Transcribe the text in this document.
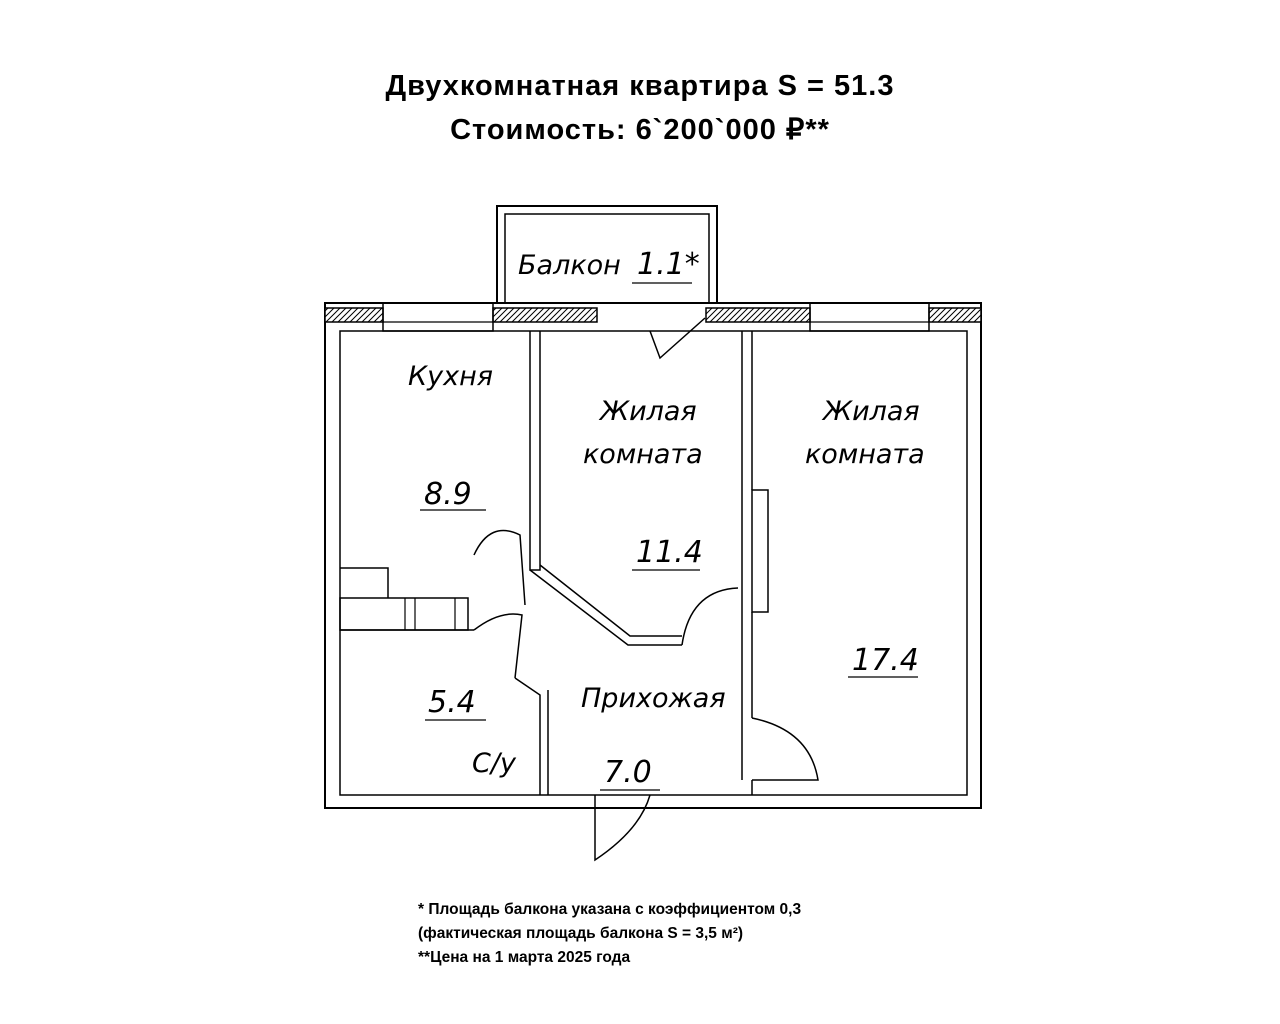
Двухкомнатная квартира S = 51.3
Стоимость: 6`200`000 ₽**
Балкон 1.1*
Кухня
8.9
Жилая
комната
11.4
Жилая
комната
17.4
5.4
С/у
Прихожая
7.0
* Площадь балкона указана с коэффициентом 0,3
(фактическая площадь балкона S = 3,5 м²)
**Цена на 1 марта 2025 года
